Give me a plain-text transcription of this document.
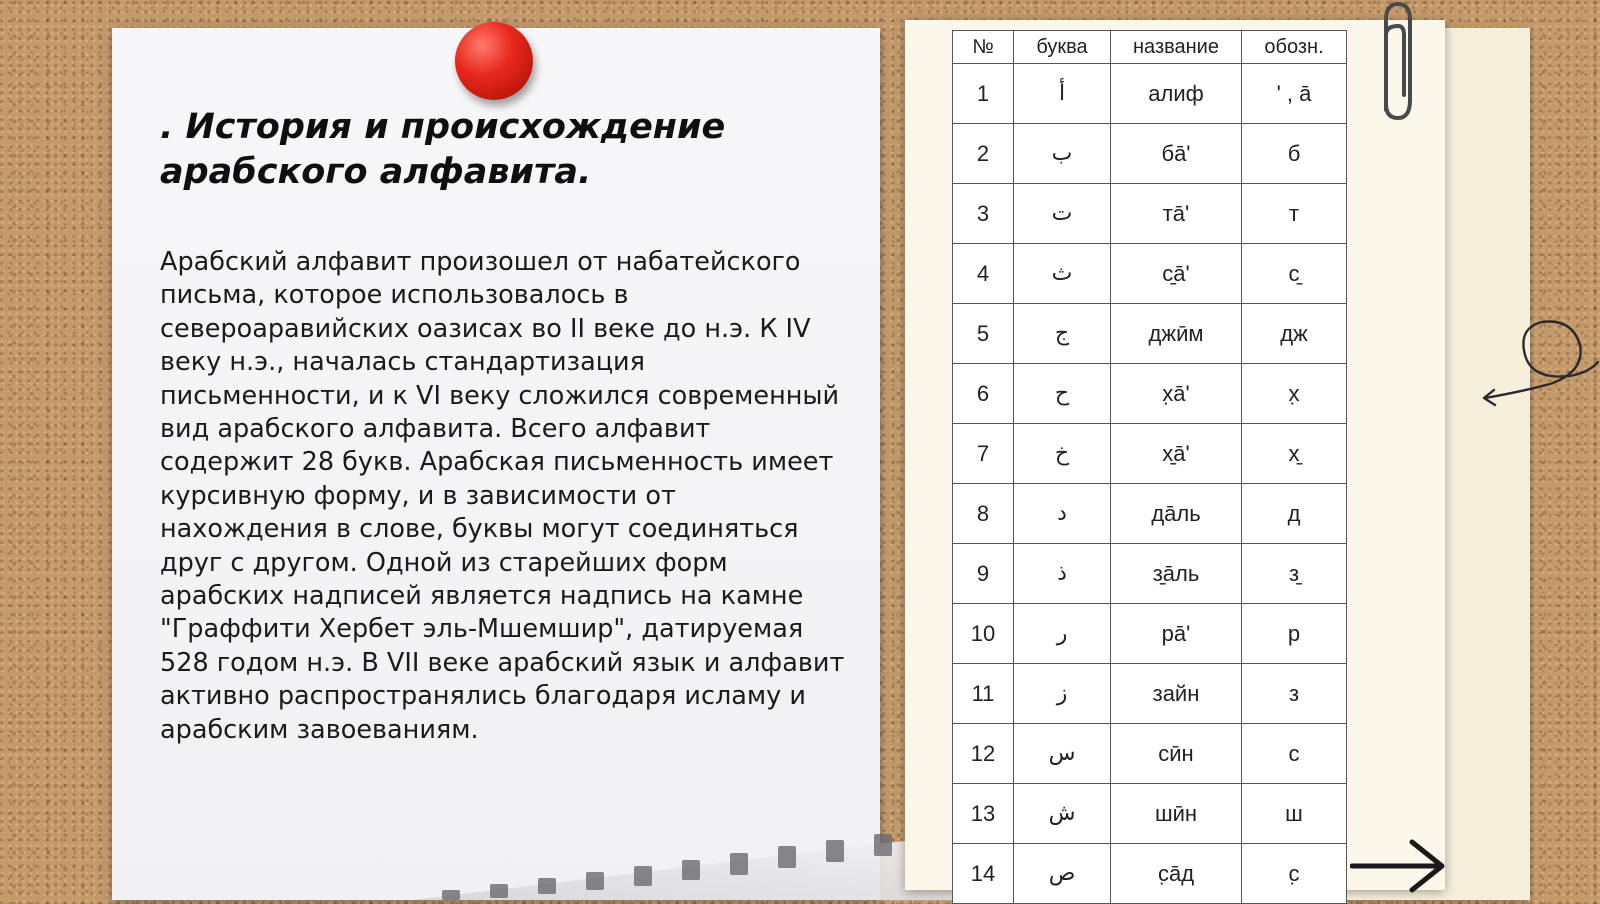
. История и происхождение арабского алфавита.

Арабский алфавит произошел от набатейского письма, которое использовалось в североаравийских оазисах во II веке до н.э. К IV веку н.э., началась стандартизация письменности, и к VI веку сложился современный вид арабского алфавита. Всего алфавит содержит 28 букв. Арабская письменность имеет курсивную форму, и в зависимости от нахождения в слове, буквы могут соединяться друг с другом. Одной из старейших форм арабских надписей является надпись на камне "Граффити Хербет эль-Мшемшир", датируемая 528 годом н.э. В VII веке арабский язык и алфавит активно распространялись благодаря исламу и арабским завоеваниям.

№	буква	название	обозн.
1	أ	алиф	' , ā
2	ب	бā'	б
3	ت	тā'	т
4	ث	с̱ā'	с̱
5	ج	джӣм	дж
6	ح	х̣ā'	х̣
7	خ	х̱ā'	х̱
8	د	дāль	д
9	ذ	з̱āль	з̱
10	ر	рā'	р
11	ز	зайн	з
12	س	сӣн	с
13	ش	шӣн	ш
14	ص	с̣āд	с̣
